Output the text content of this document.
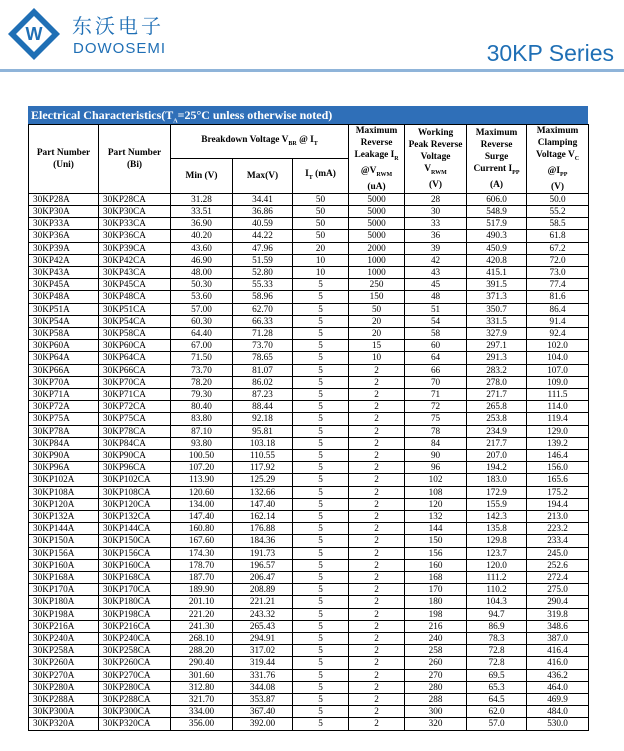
W 东沃电子
DOWOSEMI	30KP Series
Electrical $Characteristics(T_A=25^\circ C$ unless otherwise noted)
Part Number
(Uni)	Part Number
(Bi)	Breakdown Voltage $V_{BR}$ @ $I_T$			Maximum
Reverse
Leakage $I_R$
$@V_{RWM}$
(uA)	Working
Peak Reverse
Voltage
$V_{RWM}$
(V)	Maximum
Reverse
Surge
Current $I_{PP}$
(A)	Maximum
Clamping
Voltage $V_C$
$@I_{PP}$
(V)
		Min (V)	Max(V)	$I_T$ (mA)				
30KP28A	30KP28CA	31.28	34.41	50	5000	28	606.0	50.0
30KP30A	30KP30CA	33.51	36.86	50	5000	30	548.9	55.2
30KP33A	30KP33CA	36.90	40.59	50	5000	33	517.9	58.5
30KP36A	30KP36CA	40.20	44.22	50	5000	36	490.3	61.8
30KP39A	30KP39CA	43.60	47.96	20	2000	39	450.9	67.2
30KP42A	30KP42CA	46.90	51.59	10	1000	42	420.8	72.0
30KP43A	30KP43CA	48.00	52.80	10	1000	43	415.1	73.0
30KP45A	30KP45CA	50.30	55.33	5	250	45	391.5	77.4
30KP48A	30KP48CA	53.60	58.96	5	150	48	371.3	81.6
30KP51A	30KP51CA	57.00	62.70	5	50	51	350.7	86.4
30KP54A	30KP54CA	60.30	66.33	5	20	54	331.5	91.4
30KP58A	30KP58CA	64.40	71.28	5	20	58	327.9	92.4
30KP60A	30KP60CA	67.00	73.70	5	15	60	297.1	102.0
30KP64A	30KP64CA	71.50	78.65	5	10	64	291.3	104.0
30KP66A	30KP66CA	73.70	81.07	5	2	66	283.2	107.0
30KP70A	30KP70CA	78.20	86.02	5	2	70	278.0	109.0
30KP71A	30KP71CA	79.30	87.23	5	2	71	271.7	111.5
30KP72A	30KP72CA	80.40	88.44	5	2	72	265.8	114.0
30KP75A	30KP75CA	83.80	92.18	5	2	75	253.8	119.4
30KP78A	30KP78CA	87.10	95.81	5	2	78	234.9	129.0
30KP84A	30KP84CA	93.80	103.18	5	2	84	217.7	139.2
30KP90A	30KP90CA	100.50	110.55	5	2	90	207.0	146.4
30KP96A	30KP96CA	107.20	117.92	5	2	96	194.2	156.0
30KP102A	30KP102CA	113.90	125.29	5	2	102	183.0	165.6
30KP108A	30KP108CA	120.60	132.66	5	2	108	172.9	175.2
30KP120A	30KP120CA	134.00	147.40	5	2	120	155.9	194.4
30KP132A	30KP132CA	147.40	162.14	5	2	132	142.3	213.0
30KP144A	30KP144CA	160.80	176.88	5	2	144	135.8	223.2
30KP150A	30KP150CA	167.60	184.36	5	2	150	129.8	233.4
30KP156A	30KP156CA	174.30	191.73	5	2	156	123.7	245.0
30KP160A	30KP160CA	178.70	196.57	5	2	160	120.0	252.6
30KP168A	30KP168CA	187.70	206.47	5	2	168	111.2	272.4
30KP170A	30KP170CA	189.90	208.89	5	2	170	110.2	275.0
30KP180A	30KP180CA	201.10	221.21	5	2	180	104.3	290.4
30KP198A	30KP198CA	221.20	243.32	5	2	198	94.7	319.8
30KP216A	30KP216CA	241.30	265.43	5	2	216	86.9	348.6
30KP240A	30KP240CA	268.10	294.91	5	2	240	78.3	387.0
30KP258A	30KP258CA	288.20	317.02	5	2	258	72.8	416.4
30KP260A	30KP260CA	290.40	319.44	5	2	260	72.8	416.0
30KP270A	30KP270CA	301.60	331.76	5	2	270	69.5	436.2
30KP280A	30KP280CA	312.80	344.08	5	2	280	65.3	464.0
30KP288A	30KP288CA	321.70	353.87	5	2	288	64.5	469.9
30KP300A	30KP300CA	334.00	367.40	5	2	300	62.0	484.0
30KP320A	30KP320CA	356.00	392.00	5	2	320	57.0	530.0
